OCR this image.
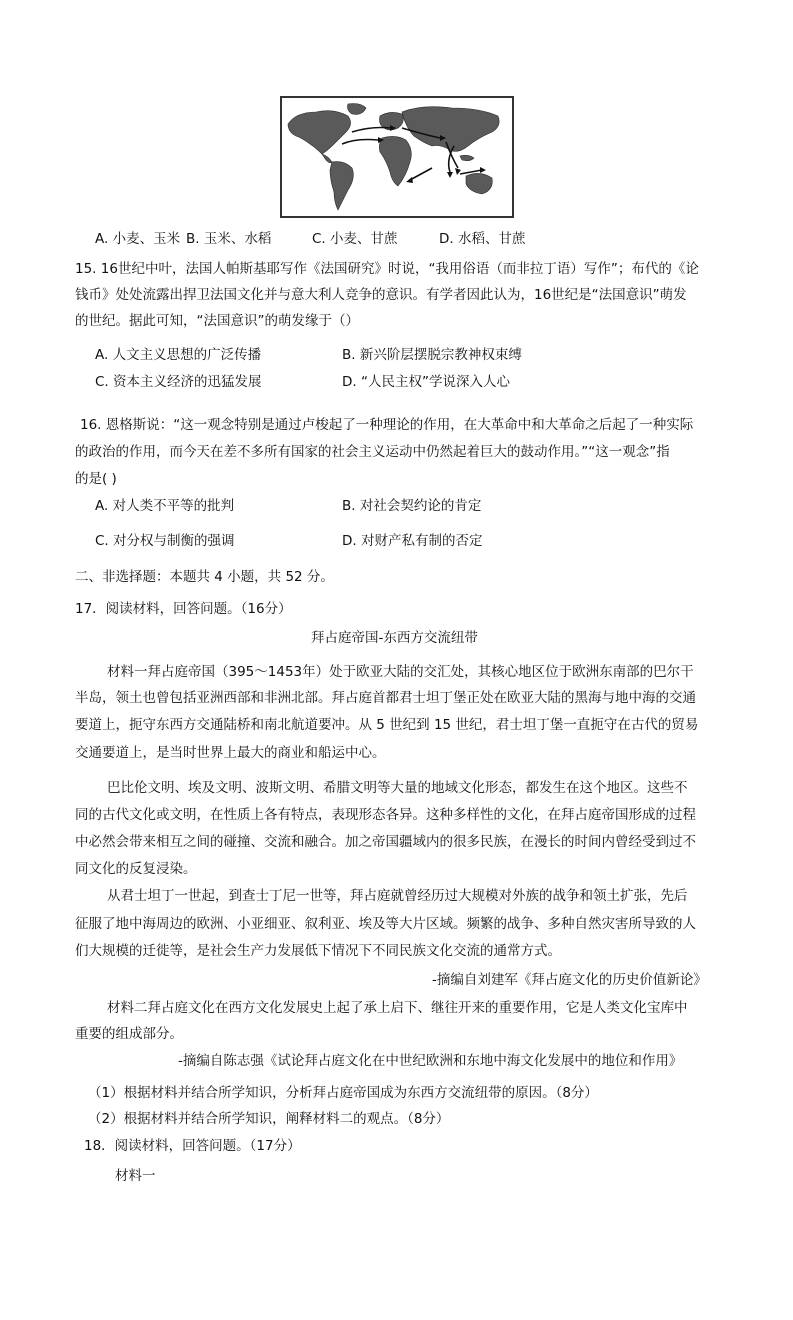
A. 小麦、玉米 B. 玉米、水稻	C. 小麦、甘蔗	D. 水稻、甘蔗
15. 16世纪中叶，法国人帕斯基耶写作《法国研究》时说，“我用俗语（而非拉丁语）写作”；布代的《论
钱币》处处流露出捍卫法国文化并与意大利人竞争的意识。有学者因此认为，16世纪是“法国意识”萌发
的世纪。据此可知，“法国意识”的萌发缘于（）
A. 人文主义思想的广泛传播	B. 新兴阶层摆脱宗教神权束缚
C. 资本主义经济的迅猛发展	D. “人民主权”学说深入人心
16. 恩格斯说：“这一观念特别是通过卢梭起了一种理论的作用，在大革命中和大革命之后起了一种实际
的政治的作用，而今天在差不多所有国家的社会主义运动中仍然起着巨大的鼓动作用。”“这一观念”指
的是( )
A. 对人类不平等的批判	B. 对社会契约论的肯定
C. 对分权与制衡的强调	D. 对财产私有制的否定
二、非选择题：本题共 4 小题，共 52 分。
17．阅读材料，回答问题。（16分）
拜占庭帝国-东西方交流纽带
材料一拜占庭帝国（395～1453年）处于欧亚大陆的交汇处，其核心地区位于欧洲东南部的巴尔干
半岛，领土也曾包括亚洲西部和非洲北部。拜占庭首都君士坦丁堡正处在欧亚大陆的黑海与地中海的交通
要道上，扼守东西方交通陆桥和南北航道要冲。从 5 世纪到 15 世纪，君士坦丁堡一直扼守在古代的贸易
交通要道上，是当时世界上最大的商业和船运中心。
巴比伦文明、埃及文明、波斯文明、希腊文明等大量的地域文化形态，都发生在这个地区。这些不
同的古代文化或文明，在性质上各有特点，表现形态各异。这种多样性的文化，在拜占庭帝国形成的过程
中必然会带来相互之间的碰撞、交流和融合。加之帝国疆域内的很多民族，在漫长的时间内曾经受到过不
同文化的反复浸染。
从君士坦丁一世起，到查士丁尼一世等，拜占庭就曾经历过大规模对外族的战争和领土扩张，先后
征服了地中海周边的欧洲、小亚细亚、叙利亚、埃及等大片区域。频繁的战争、多种自然灾害所导致的人
们大规模的迁徙等，是社会生产力发展低下情况下不同民族文化交流的通常方式。
-摘编自刘建军《拜占庭文化的历史价值新论》
材料二拜占庭文化在西方文化发展史上起了承上启下、继往开来的重要作用，它是人类文化宝库中
重要的组成部分。
-摘编自陈志强《试论拜占庭文化在中世纪欧洲和东地中海文化发展中的地位和作用》
（1）根据材料并结合所学知识，分析拜占庭帝国成为东西方交流纽带的原因。（8分）
（2）根据材料并结合所学知识，阐释材料二的观点。（8分）
18．阅读材料，回答问题。（17分）
材料一
